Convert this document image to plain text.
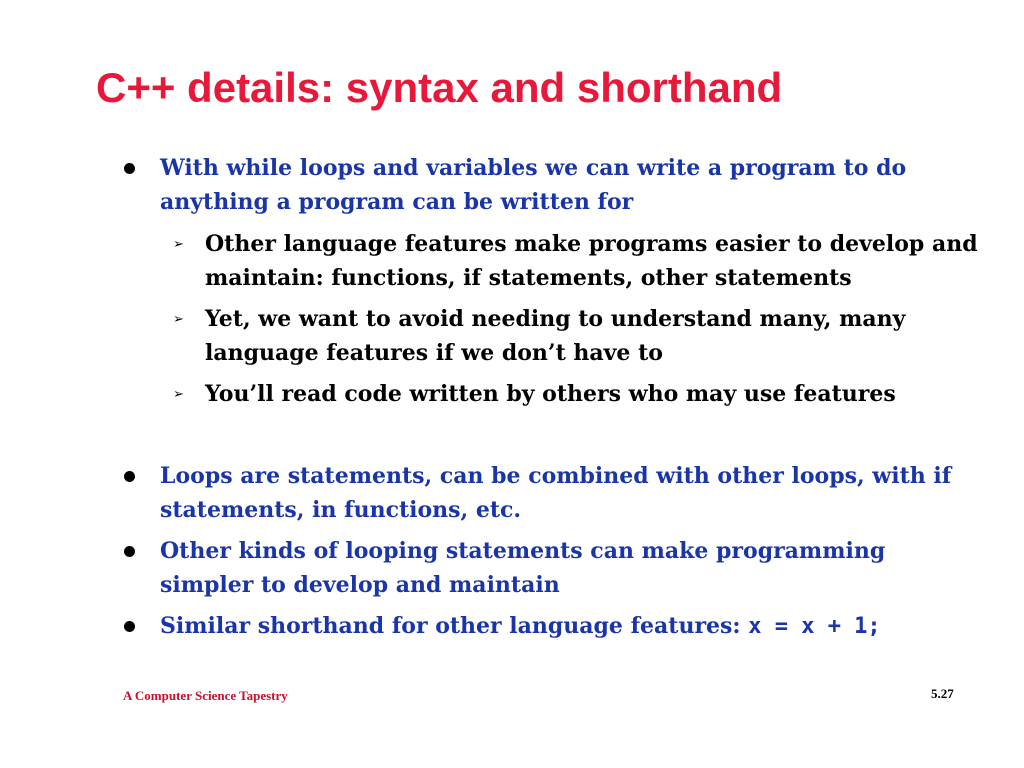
C++ details: syntax and shorthand
With while loops and variables we can write a program to do anything a program can be written for
➢ Other language features make programs easier to develop and maintain: functions, if statements, other statements
➢ Yet, we want to avoid needing to understand many, many language features if we don’t have to
➢ You’ll read code written by others who may use features
Loops are statements, can be combined with other loops, with if statements, in functions, etc.
Other kinds of looping statements can make programming simpler to develop and maintain
Similar shorthand for other language features: x = x + 1;
A Computer Science Tapestry	5.27
